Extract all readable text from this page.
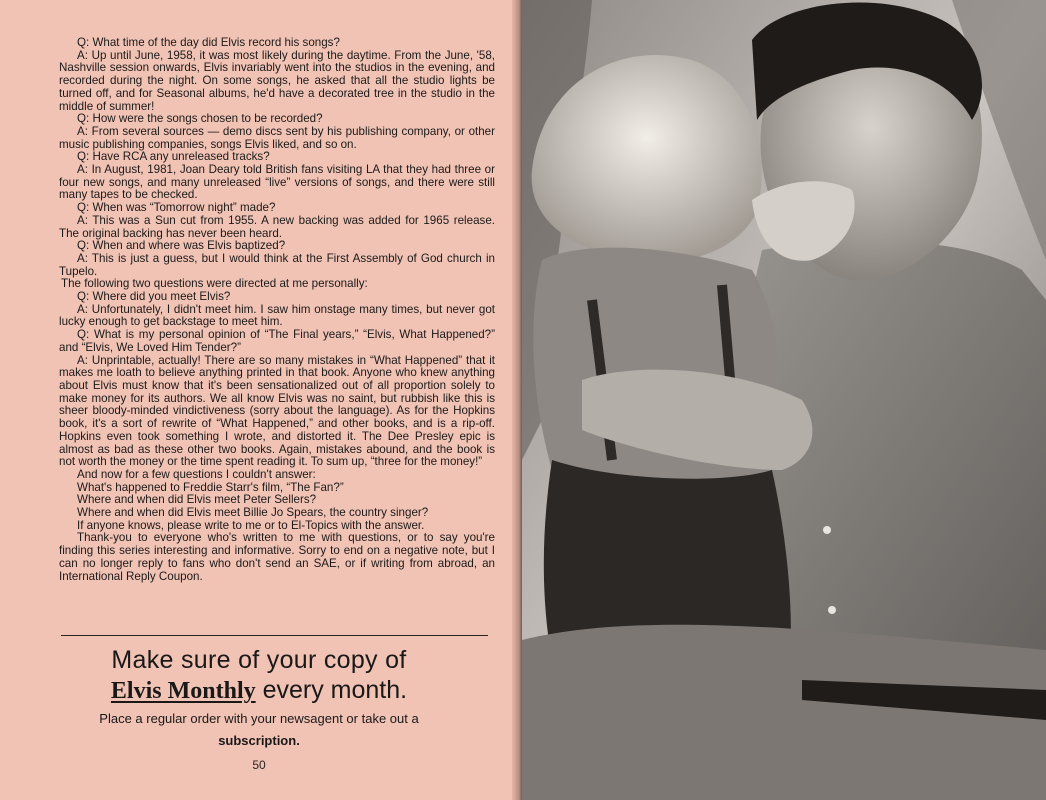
Q: What time of the day did Elvis record his songs?

A: Up until June, 1958, it was most likely during the daytime. From the June, '58, Nashville session onwards, Elvis invariably went into the studios in the evening, and recorded during the night. On some songs, he asked that all the studio lights be turned off, and for Seasonal albums, he'd have a decorated tree in the studio in the middle of summer!

Q: How were the songs chosen to be recorded?

A: From several sources — demo discs sent by his publishing company, or other music publishing companies, songs Elvis liked, and so on.

Q: Have RCA any unreleased tracks?

A: In August, 1981, Joan Deary told British fans visiting LA that they had three or four new songs, and many unreleased “live” versions of songs, and there were still many tapes to be checked.

Q: When was “Tomorrow night” made?

A: This was a Sun cut from 1955. A new backing was added for 1965 release. The original backing has never been heard.

Q: When and where was Elvis baptized?

A: This is just a guess, but I would think at the First Assembly of God church in Tupelo.

The following two questions were directed at me personally:

Q: Where did you meet Elvis?

A: Unfortunately, I didn't meet him. I saw him onstage many times, but never got lucky enough to get backstage to meet him.

Q: What is my personal opinion of “The Final years,” “Elvis, What Happened?” and “Elvis, We Loved Him Tender?”

A: Unprintable, actually! There are so many mistakes in “What Happened” that it makes me loath to believe anything printed in that book. Anyone who knew anything about Elvis must know that it's been sensationalized out of all proportion solely to make money for its authors. We all know Elvis was no saint, but rubbish like this is sheer bloody-minded vindictiveness (sorry about the language). As for the Hopkins book, it's a sort of rewrite of “What Happened,” and other books, and is a rip-off. Hopkins even took something I wrote, and distorted it. The Dee Presley epic is almost as bad as these other two books. Again, mistakes abound, and the book is not worth the money or the time spent reading it. To sum up, “three for the money!”

And now for a few questions I couldn't answer:

What's happened to Freddie Starr's film, “The Fan?”

Where and when did Elvis meet Peter Sellers?

Where and when did Elvis meet Billie Jo Spears, the country singer?

If anyone knows, please write to me or to El-Topics with the answer.

Thank-you to everyone who's written to me with questions, or to say you're finding this series interesting and informative. Sorry to end on a negative note, but I can no longer reply to fans who don't send an SAE, or if writing from abroad, an International Reply Coupon.

Make sure of your copy of
Elvis Monthly every month.
Place a regular order with your newsagent or take out a
subscription.
50
